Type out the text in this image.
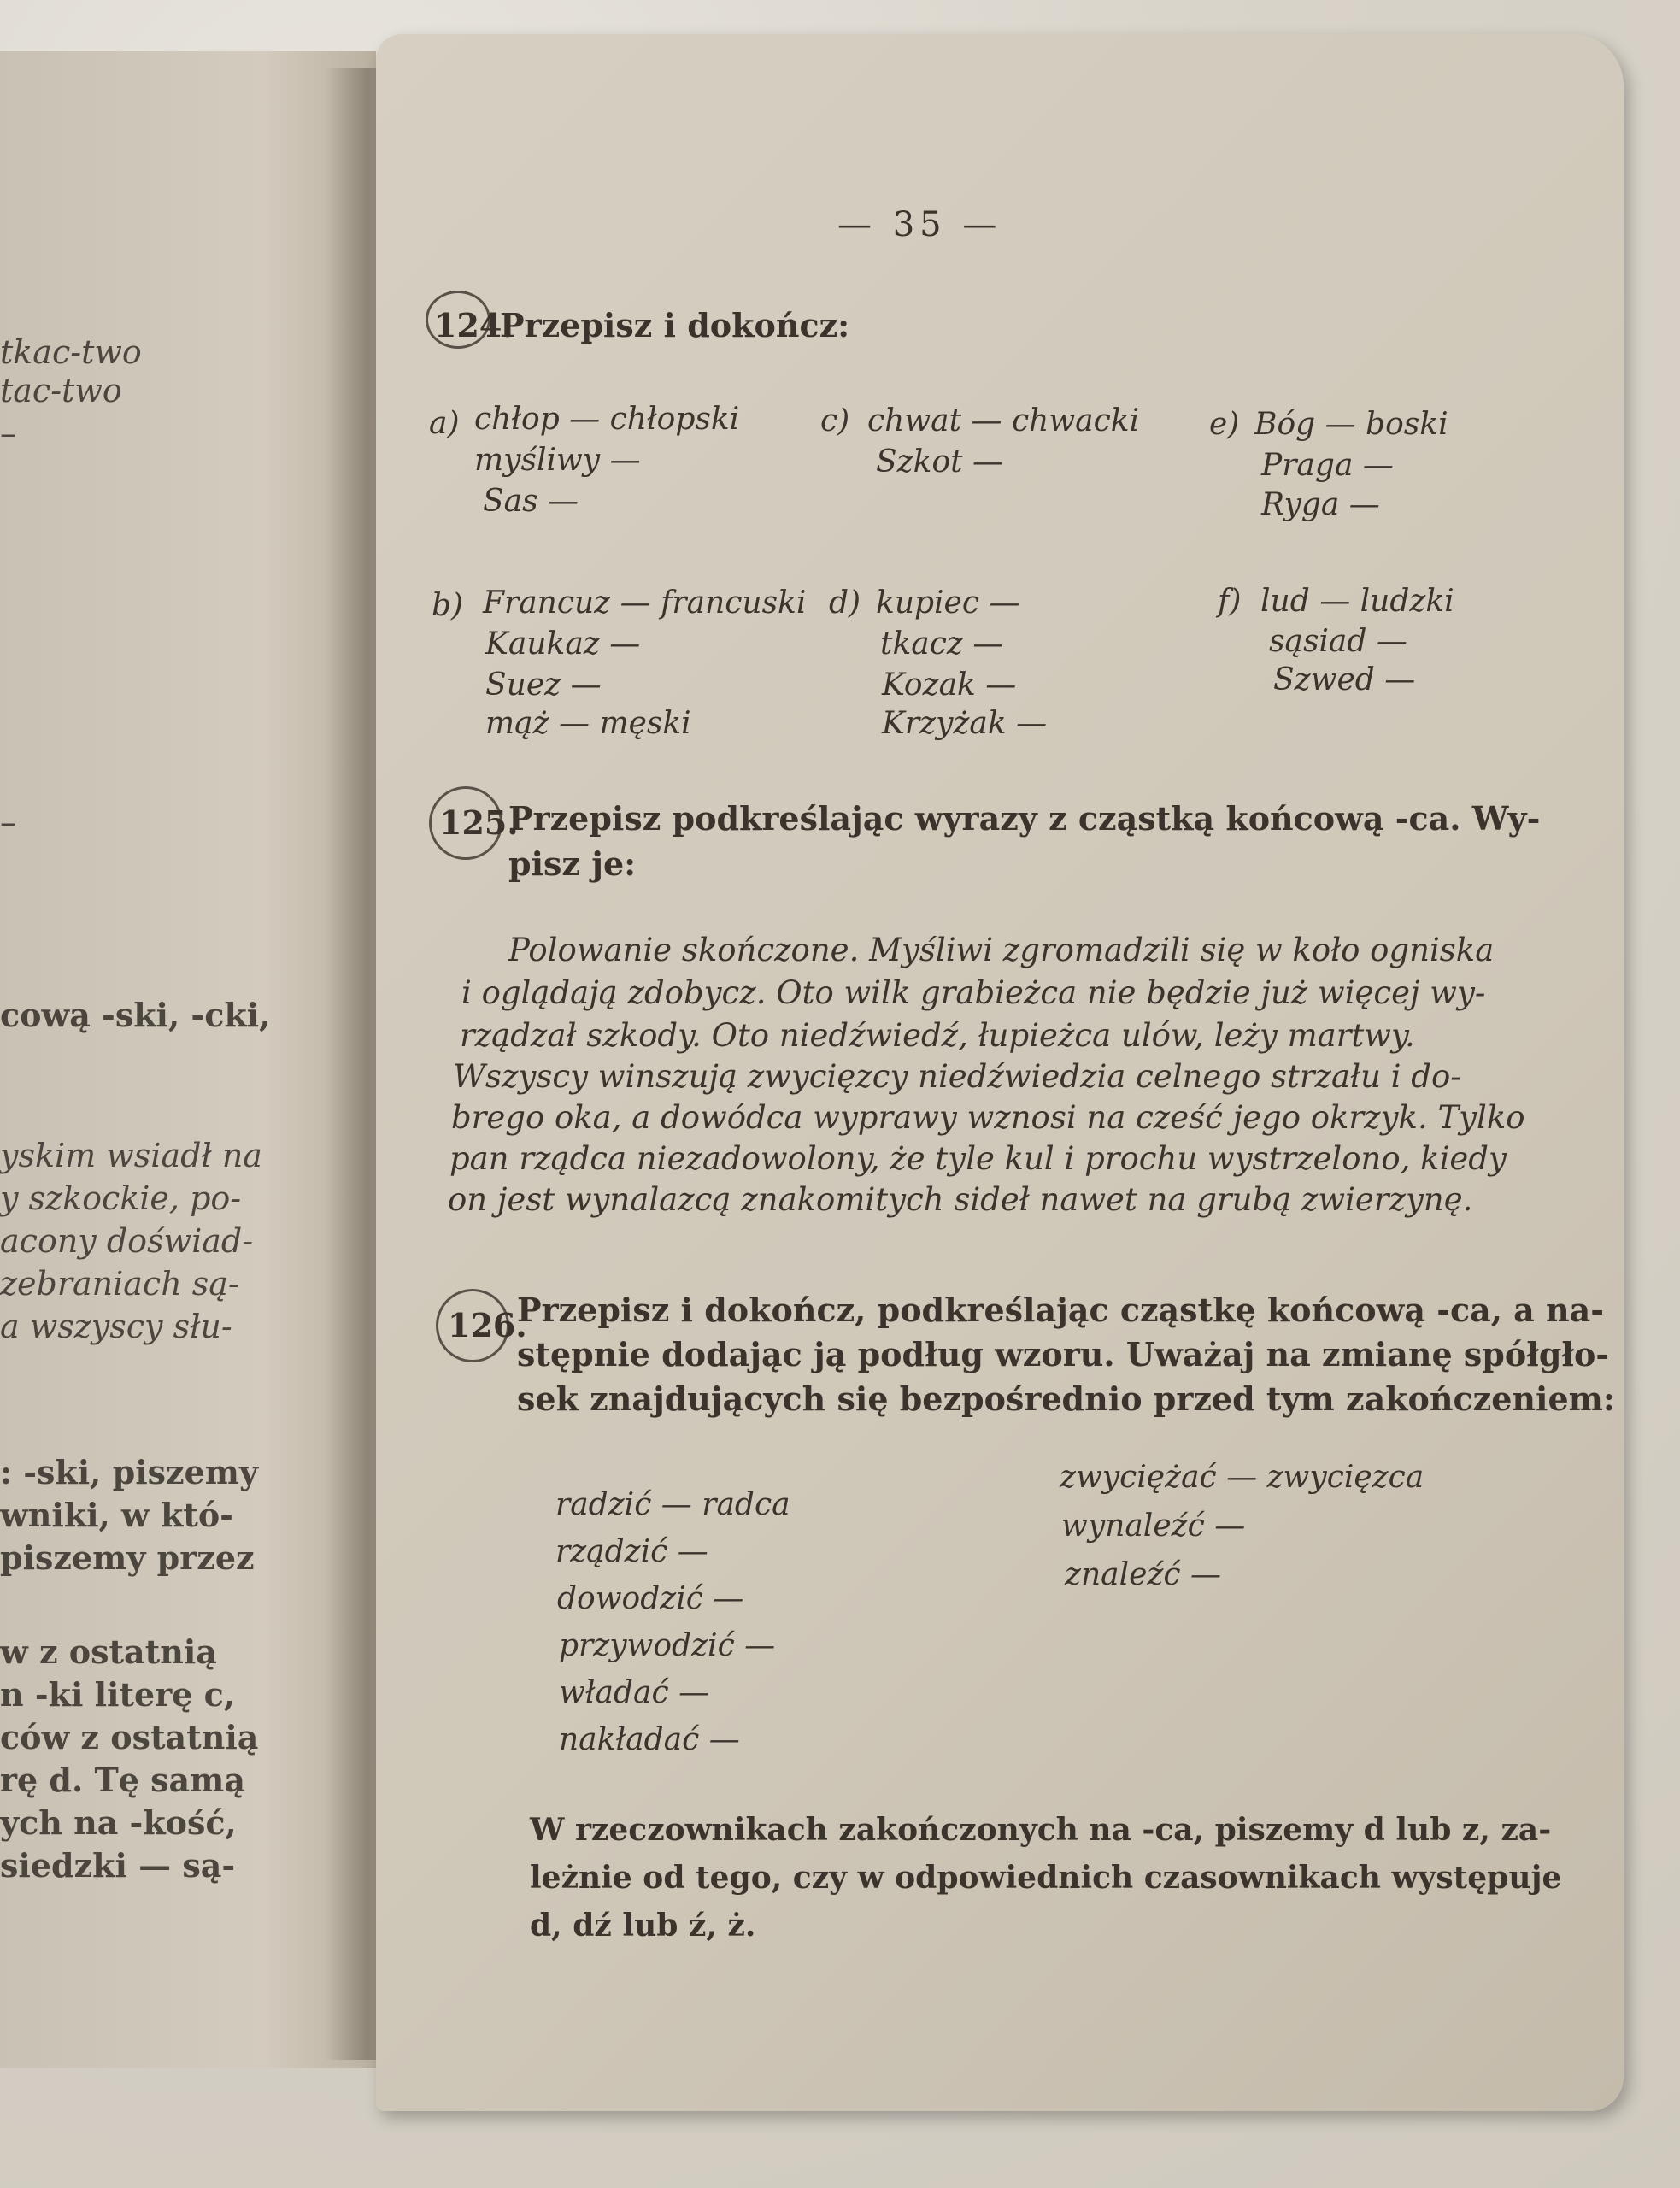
tkac-two
tac-two
–
–
cową -ski, -cki,
yskim wsiadł na
y szkockie, po-
acony doświad-
zebraniach są-
a wszyscy słu-
: -ski, piszemy
wniki, w któ-
piszemy przez
w z ostatnią
n -ki literę c,
ców z ostatnią
rę d. Tę samą
ych na -kość,
siedzki — są-
— 35 —
124.
Przepisz i dokończ:
a) chłop — chłopski
myśliwy —
Sas —
c) chwat — chwacki
Szkot —
e) Bóg — boski
Praga —
Ryga —
b) Francuz — francuski
Kaukaz —
Suez —
mąż — męski
d) kupiec —
tkacz —
Kozak —
Krzyżak —
f) lud — ludzki
sąsiad —
Szwed —
125.
Przepisz podkreślając wyrazy z cząstką końcową -ca. Wy-
pisz je:
Polowanie skończone. Myśliwi zgromadzili się w koło ogniska
i oglądają zdobycz. Oto wilk grabieżca nie będzie już więcej wy-
rządzał szkody. Oto niedźwiedź, łupieżca ulów, leży martwy.
Wszyscy winszują zwycięzcy niedźwiedzia celnego strzału i do-
brego oka, a dowódca wyprawy wznosi na cześć jego okrzyk. Tylko
pan rządca niezadowolony, że tyle kul i prochu wystrzelono, kiedy
on jest wynalazcą znakomitych sideł nawet na grubą zwierzynę.
126.
Przepisz i dokończ, podkreślając cząstkę końcową -ca, a na-
stępnie dodając ją podług wzoru. Uważaj na zmianę spółgło-
sek znajdujących się bezpośrednio przed tym zakończeniem:
radzić — radca
rządzić —
dowodzić —
przywodzić —
władać —
nakładać —
zwyciężać — zwycięzca
wynaleźć —
znaleźć —
W rzeczownikach zakończonych na -ca, piszemy d lub z, za-
leżnie od tego, czy w odpowiednich czasownikach występuje
d, dź lub ź, ż.
